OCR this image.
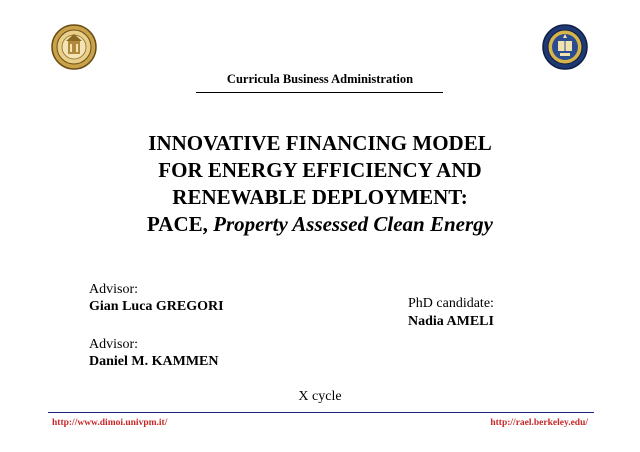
Curricula Business Administration
INNOVATIVE FINANCING MODEL
FOR ENERGY EFFICIENCY AND
RENEWABLE DEPLOYMENT:
PACE, Property Assessed Clean Energy
Advisor:
Gian Luca GREGORI
Advisor:
Daniel M. KAMMEN
PhD candidate:
Nadia AMELI
X cycle
http://www.dimoi.univpm.it/	http://rael.berkeley.edu/
